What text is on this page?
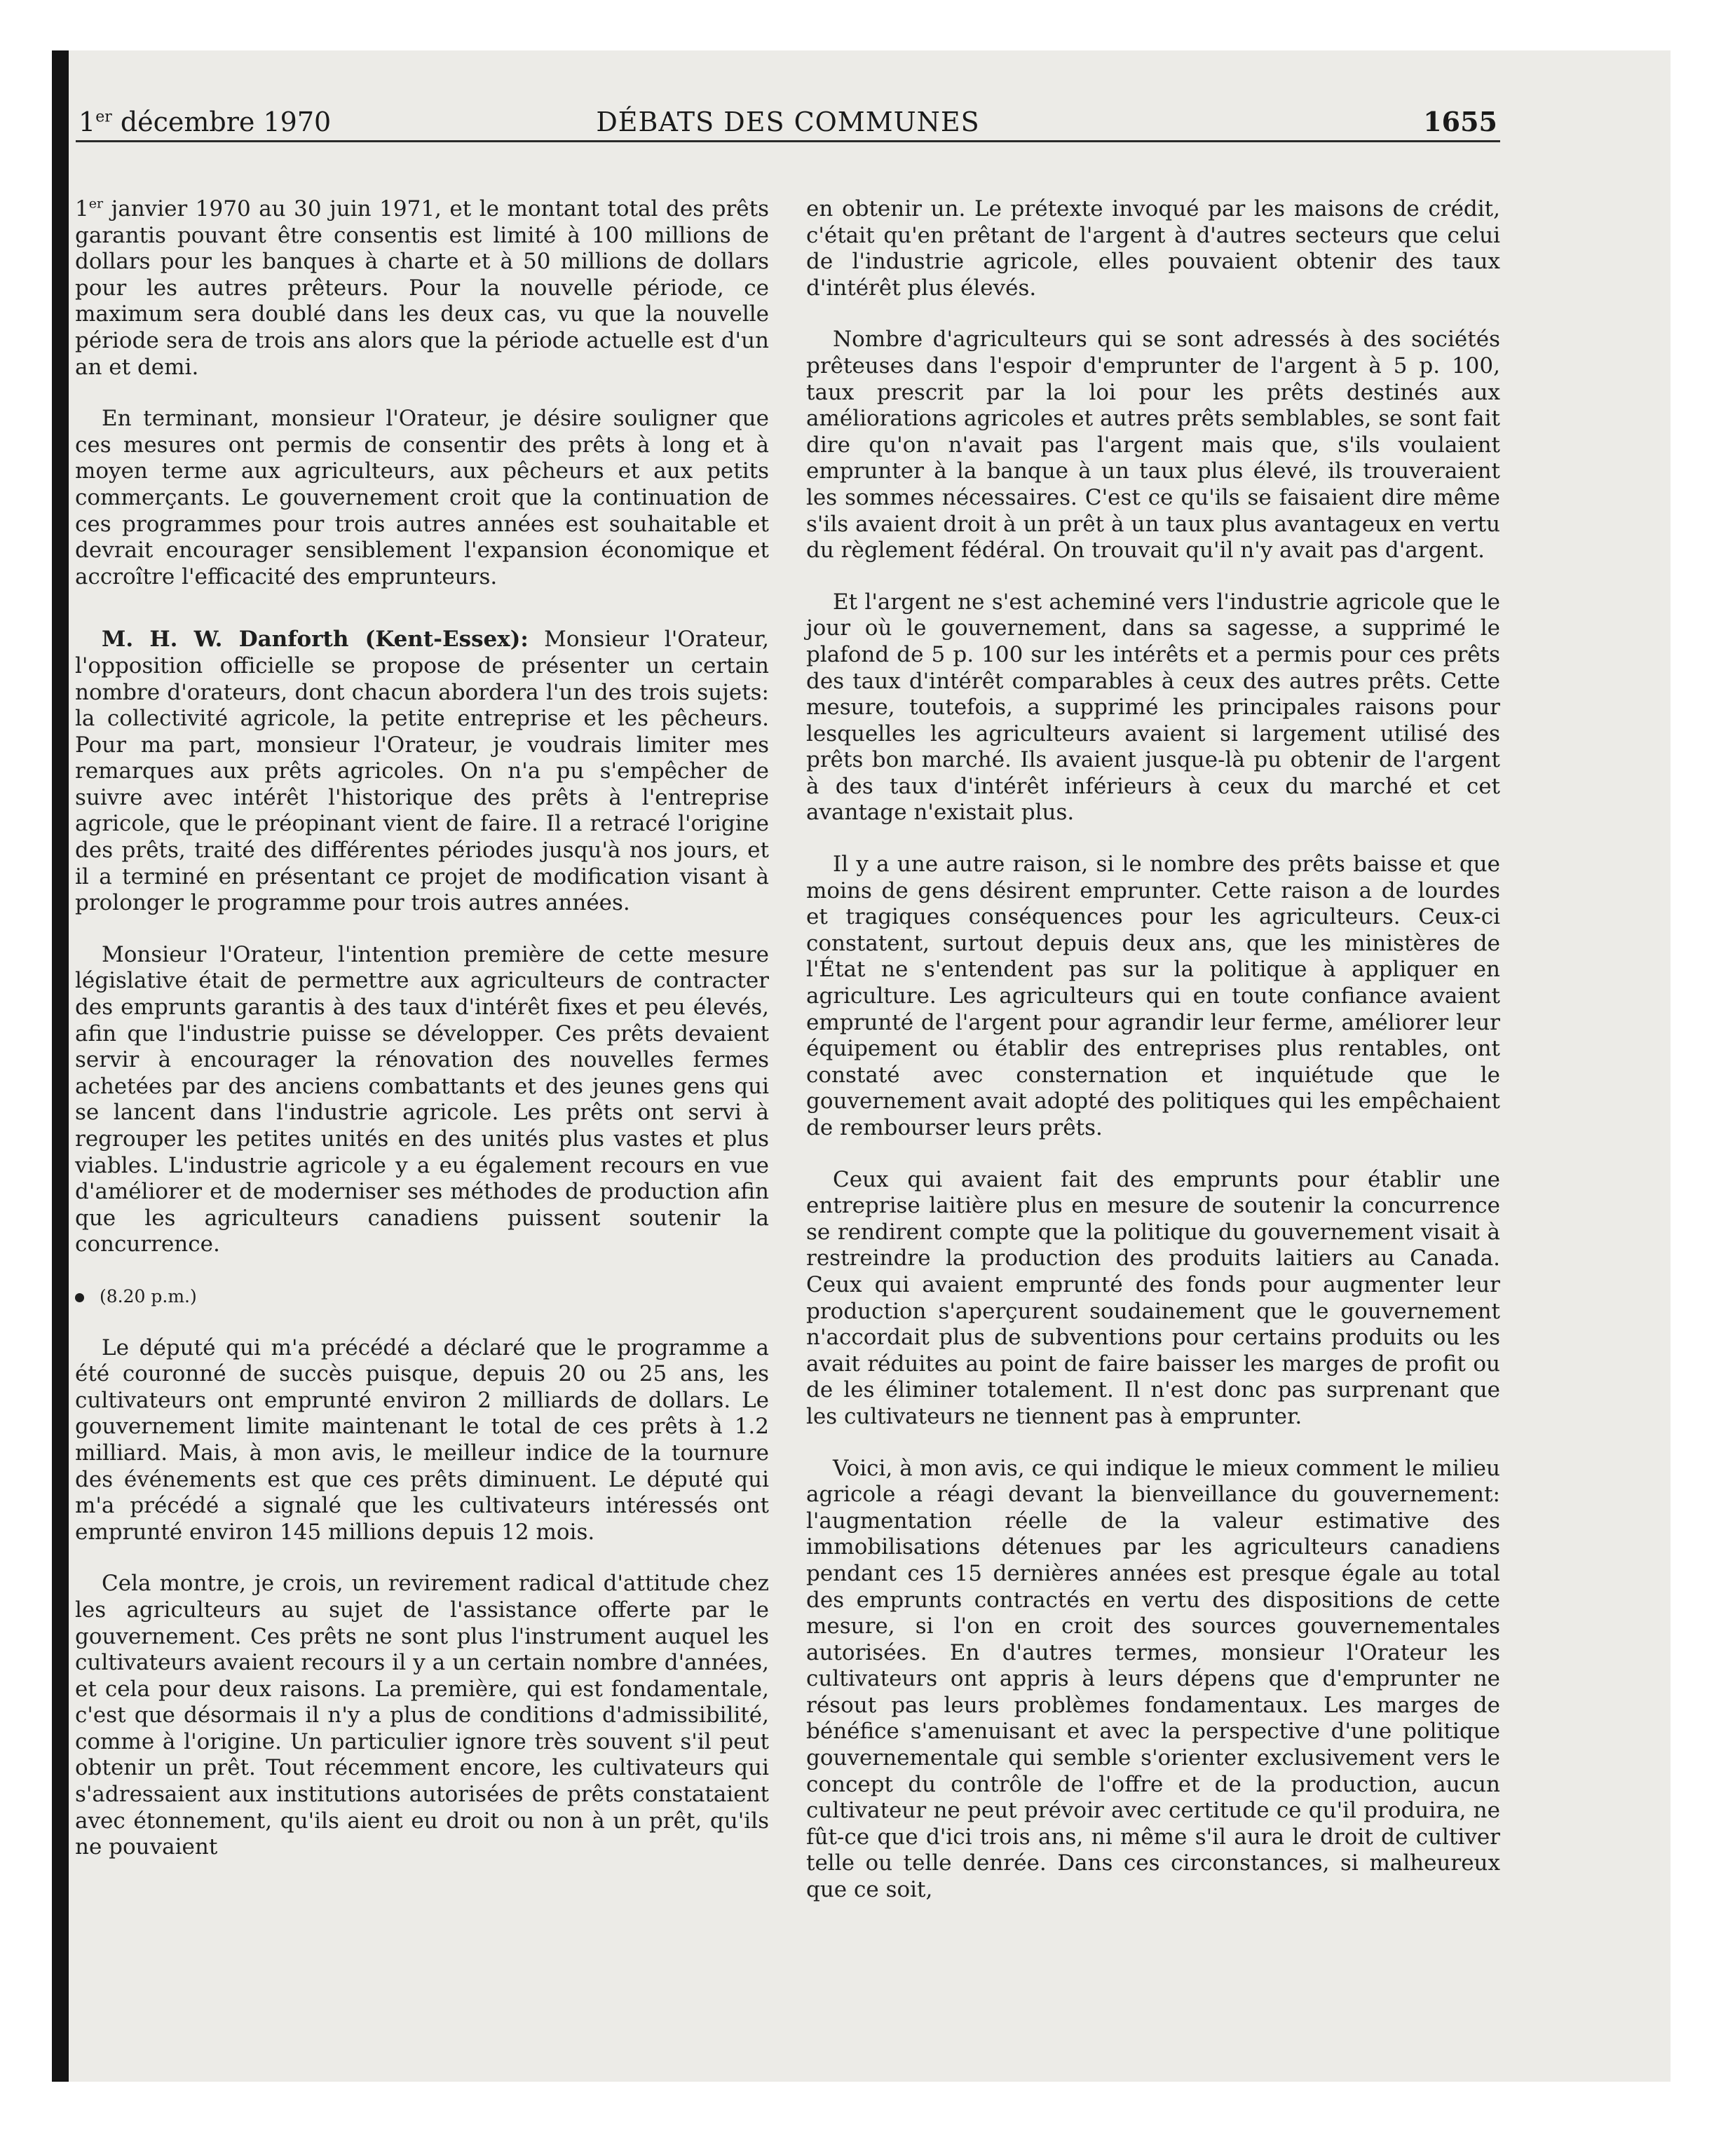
1er décembre 1970	DÉBATS DES COMMUNES	1655

1er janvier 1970 au 30 juin 1971, et le montant total des prêts garantis pouvant être consentis est limité à 100 millions de dollars pour les banques à charte et à 50 millions de dollars pour les autres prêteurs. Pour la nouvelle période, ce maximum sera doublé dans les deux cas, vu que la nouvelle période sera de trois ans alors que la période actuelle est d'un an et demi.

En terminant, monsieur l'Orateur, je désire souligner que ces mesures ont permis de consentir des prêts à long et à moyen terme aux agriculteurs, aux pêcheurs et aux petits commerçants. Le gouvernement croit que la continuation de ces programmes pour trois autres années est souhaitable et devrait encourager sensiblement l'expansion économique et accroître l'efficacité des emprunteurs.

M. H. W. Danforth (Kent-Essex): Monsieur l'Orateur, l'opposition officielle se propose de présenter un certain nombre d'orateurs, dont chacun abordera l'un des trois sujets: la collectivité agricole, la petite entreprise et les pêcheurs. Pour ma part, monsieur l'Orateur, je voudrais limiter mes remarques aux prêts agricoles. On n'a pu s'empêcher de suivre avec intérêt l'historique des prêts à l'entreprise agricole, que le préopinant vient de faire. Il a retracé l'origine des prêts, traité des différentes périodes jusqu'à nos jours, et il a terminé en présentant ce projet de modification visant à prolonger le programme pour trois autres années.

Monsieur l'Orateur, l'intention première de cette mesure législative était de permettre aux agriculteurs de contracter des emprunts garantis à des taux d'intérêt fixes et peu élevés, afin que l'industrie puisse se développer. Ces prêts devaient servir à encourager la rénovation des nouvelles fermes achetées par des anciens combattants et des jeunes gens qui se lancent dans l'industrie agricole. Les prêts ont servi à regrouper les petites unités en des unités plus vastes et plus viables. L'industrie agricole y a eu également recours en vue d'améliorer et de moderniser ses méthodes de production afin que les agriculteurs canadiens puissent soutenir la concurrence.

(8.20 p.m.)

Le député qui m'a précédé a déclaré que le programme a été couronné de succès puisque, depuis 20 ou 25 ans, les cultivateurs ont emprunté environ 2 milliards de dollars. Le gouvernement limite maintenant le total de ces prêts à 1.2 milliard. Mais, à mon avis, le meilleur indice de la tournure des événements est que ces prêts diminuent. Le député qui m'a précédé a signalé que les cultivateurs intéressés ont emprunté environ 145 millions depuis 12 mois.

Cela montre, je crois, un revirement radical d'attitude chez les agriculteurs au sujet de l'assistance offerte par le gouvernement. Ces prêts ne sont plus l'instrument auquel les cultivateurs avaient recours il y a un certain nombre d'années, et cela pour deux raisons. La première, qui est fondamentale, c'est que désormais il n'y a plus de conditions d'admissibilité, comme à l'origine. Un particulier ignore très souvent s'il peut obtenir un prêt. Tout récemment encore, les cultivateurs qui s'adressaient aux institutions autorisées de prêts constataient avec étonnement, qu'ils aient eu droit ou non à un prêt, qu'ils ne pouvaient

en obtenir un. Le prétexte invoqué par les maisons de crédit, c'était qu'en prêtant de l'argent à d'autres secteurs que celui de l'industrie agricole, elles pouvaient obtenir des taux d'intérêt plus élevés.

Nombre d'agriculteurs qui se sont adressés à des sociétés prêteuses dans l'espoir d'emprunter de l'argent à 5 p. 100, taux prescrit par la loi pour les prêts destinés aux améliorations agricoles et autres prêts semblables, se sont fait dire qu'on n'avait pas l'argent mais que, s'ils voulaient emprunter à la banque à un taux plus élevé, ils trouveraient les sommes nécessaires. C'est ce qu'ils se faisaient dire même s'ils avaient droit à un prêt à un taux plus avantageux en vertu du règlement fédéral. On trouvait qu'il n'y avait pas d'argent.

Et l'argent ne s'est acheminé vers l'industrie agricole que le jour où le gouvernement, dans sa sagesse, a supprimé le plafond de 5 p. 100 sur les intérêts et a permis pour ces prêts des taux d'intérêt comparables à ceux des autres prêts. Cette mesure, toutefois, a supprimé les principales raisons pour lesquelles les agriculteurs avaient si largement utilisé des prêts bon marché. Ils avaient jusque-là pu obtenir de l'argent à des taux d'intérêt inférieurs à ceux du marché et cet avantage n'existait plus.

Il y a une autre raison, si le nombre des prêts baisse et que moins de gens désirent emprunter. Cette raison a de lourdes et tragiques conséquences pour les agriculteurs. Ceux-ci constatent, surtout depuis deux ans, que les ministères de l'État ne s'entendent pas sur la politique à appliquer en agriculture. Les agriculteurs qui en toute confiance avaient emprunté de l'argent pour agrandir leur ferme, améliorer leur équipement ou établir des entreprises plus rentables, ont constaté avec consternation et inquiétude que le gouvernement avait adopté des politiques qui les empêchaient de rembourser leurs prêts.

Ceux qui avaient fait des emprunts pour établir une entreprise laitière plus en mesure de soutenir la concurrence se rendirent compte que la politique du gouvernement visait à restreindre la production des produits laitiers au Canada. Ceux qui avaient emprunté des fonds pour augmenter leur production s'aperçurent soudainement que le gouvernement n'accordait plus de subventions pour certains produits ou les avait réduites au point de faire baisser les marges de profit ou de les éliminer totalement. Il n'est donc pas surprenant que les cultivateurs ne tiennent pas à emprunter.

Voici, à mon avis, ce qui indique le mieux comment le milieu agricole a réagi devant la bienveillance du gouvernement: l'augmentation réelle de la valeur estimative des immobilisations détenues par les agriculteurs canadiens pendant ces 15 dernières années est presque égale au total des emprunts contractés en vertu des dispositions de cette mesure, si l'on en croit des sources gouvernementales autorisées. En d'autres termes, monsieur l'Orateur les cultivateurs ont appris à leurs dépens que d'emprunter ne résout pas leurs problèmes fondamentaux. Les marges de bénéfice s'amenuisant et avec la perspective d'une politique gouvernementale qui semble s'orienter exclusivement vers le concept du contrôle de l'offre et de la production, aucun cultivateur ne peut prévoir avec certitude ce qu'il produira, ne fût-ce que d'ici trois ans, ni même s'il aura le droit de cultiver telle ou telle denrée. Dans ces circonstances, si malheureux que ce soit,
